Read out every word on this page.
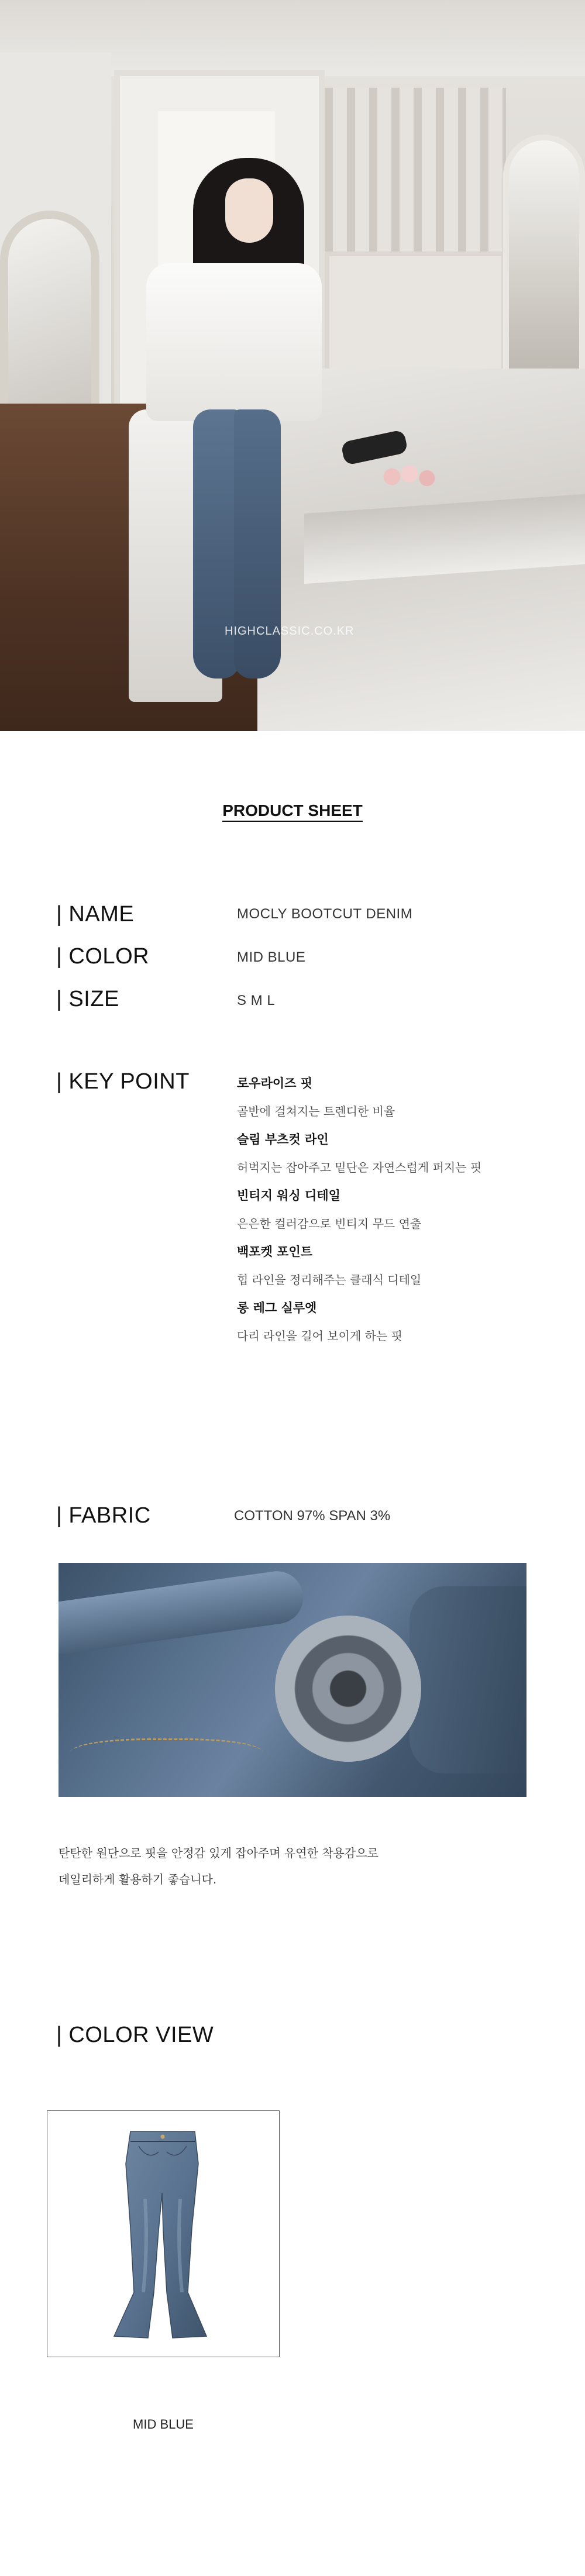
HIGHCLASSIC.CO.KR
PRODUCT SHEET
| NAME	MOCLY BOOTCUT DENIM
| COLOR	MID BLUE
| SIZE	S M L
| KEY POINT	로우라이즈 핏
골반에 걸쳐지는 트렌디한 비율
슬림 부츠컷 라인
허벅지는 잡아주고 밑단은 자연스럽게 퍼지는 핏
빈티지 워싱 디테일
은은한 컬러감으로 빈티지 무드 연출
백포켓 포인트
힙 라인을 정리해주는 클래식 디테일
롱 레그 실루엣
다리 라인을 길어 보이게 하는 핏
| FABRIC	COTTON 97% SPAN 3%
탄탄한 원단으로 핏을 안정감 있게 잡아주며 유연한 착용감으로
데일리하게 활용하기 좋습니다.
| COLOR VIEW
MID BLUE
